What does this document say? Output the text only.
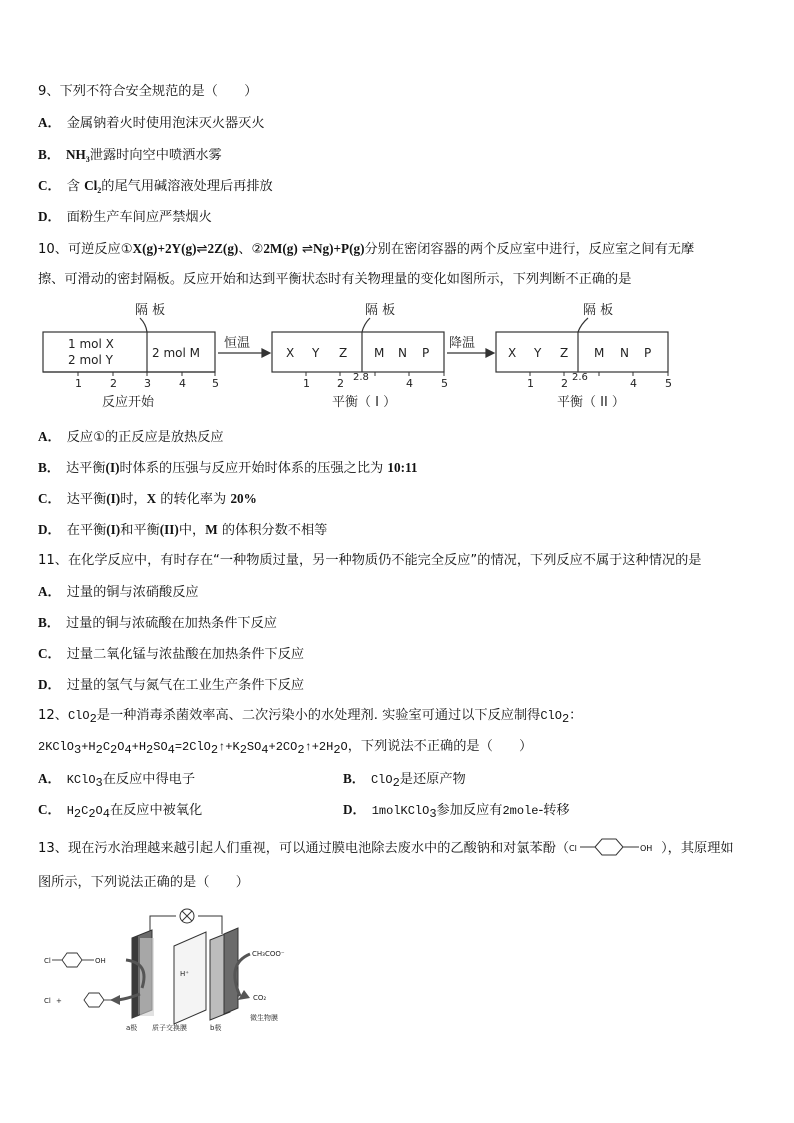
9、下列不符合安全规范的是（　　）
A． 金属钠着火时使用泡沫灭火器灭火
B． $NH_3$泄露时向空中喷洒水雾
C． 含 $Cl_2$的尾气用碱溶液处理后再排放
D． 面粉生产车间应严禁烟火
10、可逆反应①X(g)+2Y(g)⇌2Z(g)、②2M(g) ⇌Ng)+P(g)分别在密闭容器的两个反应室中进行，反应室之间有无摩
擦、可滑动的密封隔板。反应开始和达到平衡状态时有关物理量的变化如图所示，下列判断不正确的是
隔 板	隔 板	隔 板
1 mol X
2 mol Y	2 mol M
恒温	降温
X Y Z M N P	X Y Z M N P
1	2 3	4 5	1 2 2.8	4	5	1 2 2.6	4	5
反应开始	平衡（ I ）	平衡（ II ）
A． 反应①的正反应是放热反应
B． 达平衡(I)时体系的压强与反应开始时体系的压强之比为 10:11
C． 达平衡(I)时，X 的转化率为 20%
D． 在平衡(I)和平衡(II)中，M 的体积分数不相等
11、在化学反应中，有时存在“一种物质过量，另一种物质仍不能完全反应”的情况，下列反应不属于这种情况的是
A． 过量的铜与浓硝酸反应
B． 过量的铜与浓硫酸在加热条件下反应
C． 过量二氧化锰与浓盐酸在加热条件下反应
D． 过量的氢气与氮气在工业生产条件下反应
12、ClO$_2$是一种消毒杀菌效率高、二次污染小的水处理剂. 实验室可通过以下反应制得ClO$_2$：
$2KClO_3+H_2C_2O_4+H_2SO_4=2ClO_2↑+K_2SO_4+2CO_2↑+2H_2O$，下列说法不正确的是（　　）
A． KClO$_3$在反应中得电子	B． ClO$_2$是还原产物
C． $H_2C_2O_4$在反应中被氧化	D． 1molKClO$_3$参加反应有2mole-转移
13、现在污水治理越来越引起人们重视，可以通过膜电池除去废水中的乙酸钠和对氯苯酚（ Cl	OH ），其原理如
图所示，下列说法正确的是（　　）
Cl	OH
Cl +
H⁺
CH₃COO⁻
CO₂
a极 质子交换膜	b极
微生物膜
